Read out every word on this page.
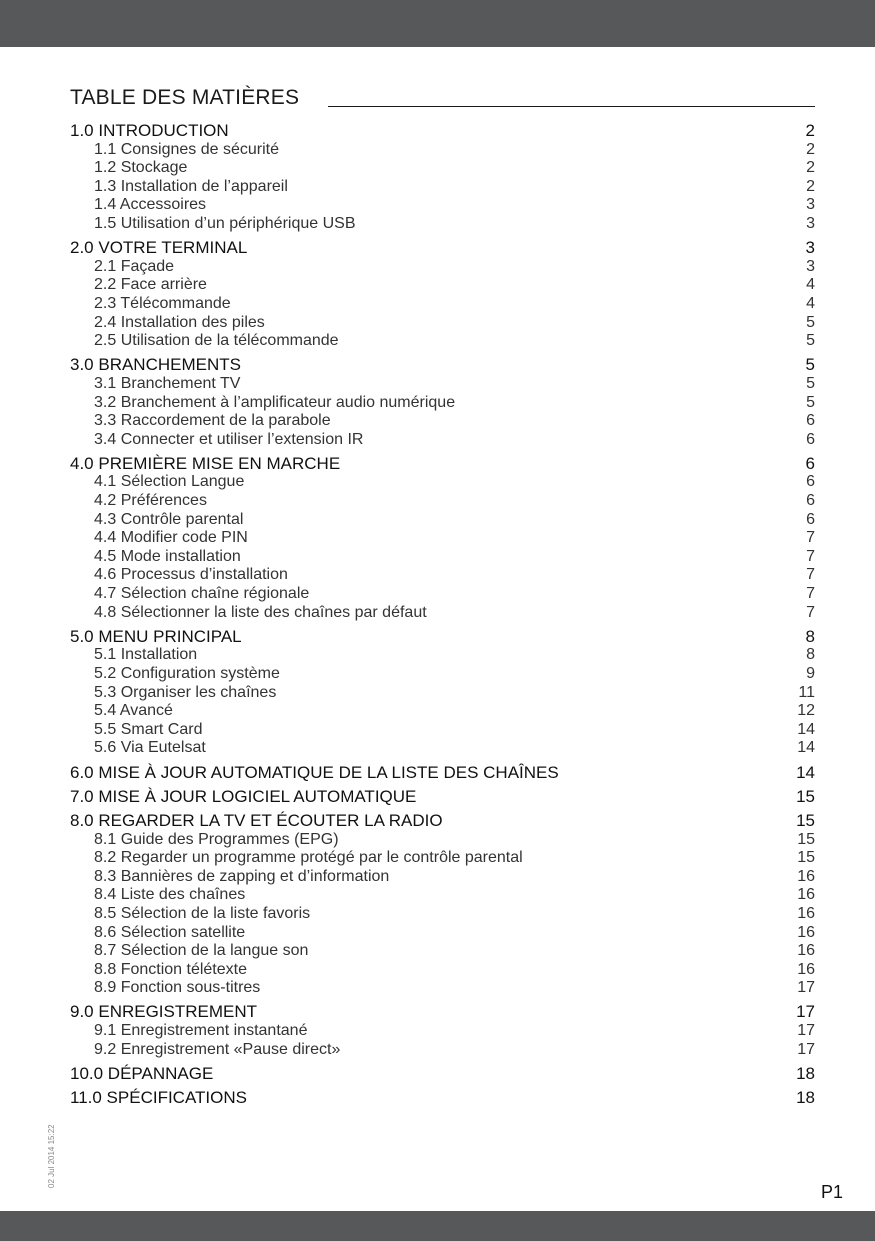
TABLE DES MATIÈRES
1.0 INTRODUCTION	2
1.1 Consignes de sécurité	2
1.2 Stockage	2
1.3 Installation de l’appareil	2
1.4 Accessoires	3
1.5 Utilisation d’un périphérique USB	3
2.0 VOTRE TERMINAL	3
2.1 Façade	3
2.2 Face arrière	4
2.3 Télécommande	4
2.4 Installation des piles	5
2.5 Utilisation de la télécommande	5
3.0 BRANCHEMENTS	5
3.1 Branchement TV	5
3.2 Branchement à l’amplificateur audio numérique	5
3.3 Raccordement de la parabole	6
3.4 Connecter et utiliser l’extension IR	6
4.0 PREMIÈRE MISE EN MARCHE	6
4.1 Sélection Langue	6
4.2 Préférences	6
4.3 Contrôle parental	6
4.4 Modifier code PIN	7
4.5 Mode installation	7
4.6 Processus d’installation	7
4.7 Sélection chaîne régionale	7
4.8 Sélectionner la liste des chaînes par défaut	7
5.0 MENU PRINCIPAL	8
5.1 Installation	8
5.2 Configuration système	9
5.3 Organiser les chaînes	11
5.4 Avancé	12
5.5 Smart Card	14
5.6 Via Eutelsat	14
6.0 MISE À JOUR AUTOMATIQUE DE LA LISTE DES CHAÎNES	14
7.0 MISE À JOUR LOGICIEL AUTOMATIQUE	15
8.0 REGARDER LA TV ET ÉCOUTER LA RADIO	15
8.1 Guide des Programmes (EPG)	15
8.2 Regarder un programme protégé par le contrôle parental	15
8.3 Bannières de zapping et d’information	16
8.4 Liste des chaînes	16
8.5 Sélection de la liste favoris	16
8.6 Sélection satellite	16
8.7 Sélection de la langue son	16
8.8 Fonction télétexte	16
8.9 Fonction sous-titres	17
9.0 ENREGISTREMENT	17
9.1 Enregistrement instantané	17
9.2 Enregistrement «Pause direct»	17
10.0 DÉPANNAGE	18
11.0 SPÉCIFICATIONS	18
02 Jul 2014 15:22
P1
